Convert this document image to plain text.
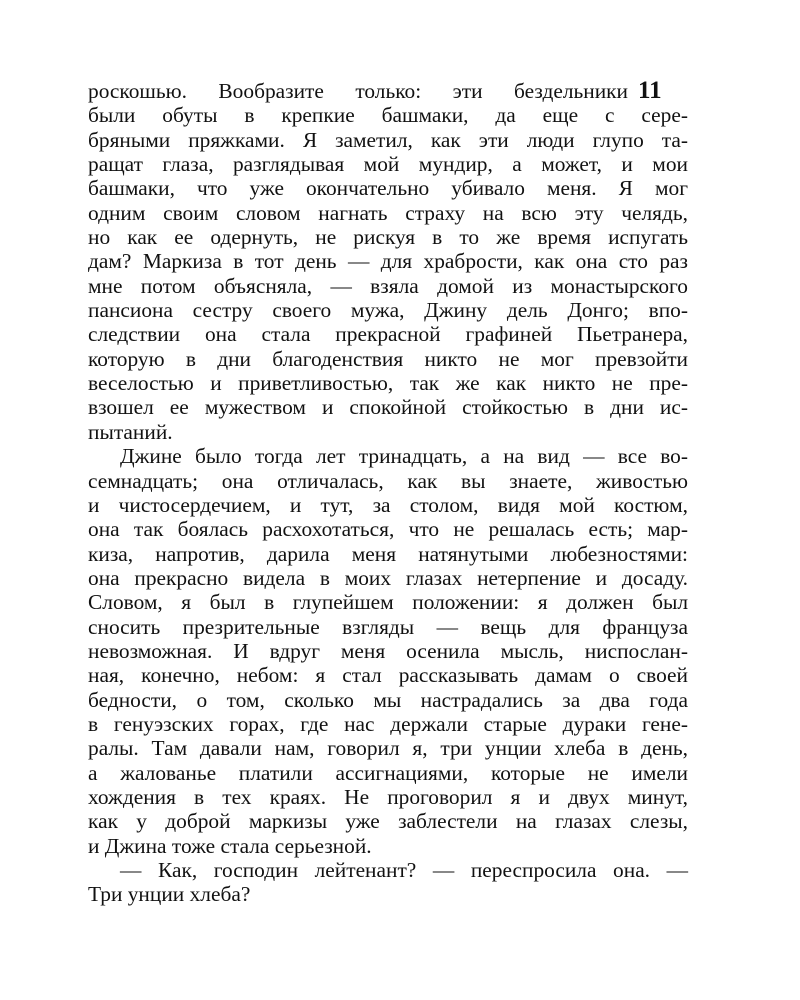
11
роскошью. Вообразите только: эти бездельники
были обуты в крепкие башмаки, да еще с сере-
бряными пряжками. Я заметил, как эти люди глупо та-
ращат глаза, разглядывая мой мундир, а может, и мои
башмаки, что уже окончательно убивало меня. Я мог
одним своим словом нагнать страху на всю эту челядь,
но как ее одернуть, не рискуя в то же время испугать
дам? Маркиза в тот день — для храбрости, как она сто раз
мне потом объясняла, — взяла домой из монастырского
пансиона сестру своего мужа, Джину дель Донго; впо-
следствии она стала прекрасной графиней Пьетранера,
которую в дни благоденствия никто не мог превзойти
веселостью и приветливостью, так же как никто не пре-
взошел ее мужеством и спокойной стойкостью в дни ис-
пытаний.
Джине было тогда лет тринадцать, а на вид — все во-
семнадцать; она отличалась, как вы знаете, живостью
и чистосердечием, и тут, за столом, видя мой костюм,
она так боялась расхохотаться, что не решалась есть; мар-
киза, напротив, дарила меня натянутыми любезностями:
она прекрасно видела в моих глазах нетерпение и досаду.
Словом, я был в глупейшем положении: я должен был
сносить презрительные взгляды — вещь для француза
невозможная. И вдруг меня осенила мысль, ниспослан-
ная, конечно, небом: я стал рассказывать дамам о своей
бедности, о том, сколько мы настрадались за два года
в генуэзских горах, где нас держали старые дураки гене-
ралы. Там давали нам, говорил я, три унции хлеба в день,
а жалованье платили ассигнациями, которые не имели
хождения в тех краях. Не проговорил я и двух минут,
как у доброй маркизы уже заблестели на глазах слезы,
и Джина тоже стала серьезной.
— Как, господин лейтенант? — переспросила она. —
Три унции хлеба?
